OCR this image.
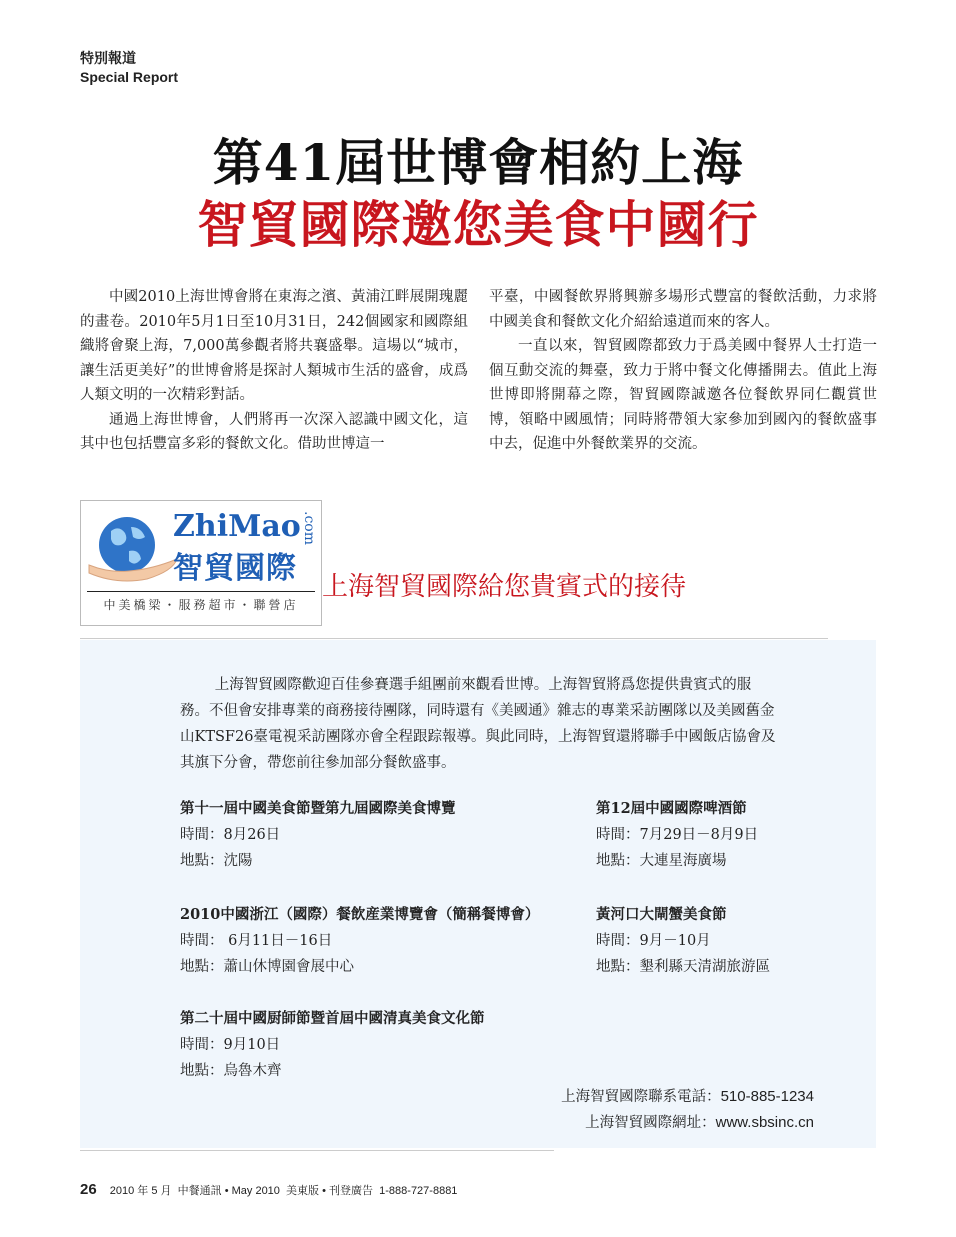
特別報道
Special Report
第41屆世博會相約上海
智貿國際邀您美食中國行

中國2010上海世博會將在東海之濱、黃浦江畔展開瑰麗的畫卷。2010年5月1日至10月31日，242個國家和國際組織將會聚上海，7,000萬參觀者將共襄盛舉。這場以“城市，讓生活更美好”的世博會將是探討人類城市生活的盛會，成爲人類文明的一次精彩對話。

通過上海世博會，人們將再一次深入認識中國文化，這其中也包括豐富多彩的餐飲文化。借助世博這一

平臺，中國餐飲界將興辦多場形式豐富的餐飲活動，力求將中國美食和餐飲文化介紹給遠道而來的客人。

一直以來，智貿國際都致力于爲美國中餐界人士打造一個互動交流的舞臺，致力于將中餐文化傳播開去。值此上海世博即將開幕之際，智貿國際誠邀各位餐飲界同仁觀賞世博，領略中國風情；同時將帶領大家參加到國內的餐飲盛事中去，促進中外餐飲業界的交流。

ZhiMao .com
智貿國際
中美橋梁・服務超市・聯營店
上海智貿國際給您貴賓式的接待

上海智貿國際歡迎百佳參賽選手組團前來觀看世博。上海智貿將爲您提供貴賓式的服務。不但會安排專業的商務接待團隊，同時還有《美國通》雜志的專業采訪團隊以及美國舊金山KTSF26臺電視采訪團隊亦會全程跟踪報導。與此同時，上海智貿還將聯手中國飯店協會及其旗下分會，帶您前往參加部分餐飲盛事。

第十一屆中國美食節暨第九屆國際美食博覽
時間：8月26日
地點：沈陽
第12屆中國國際啤酒節
時間：7月29日－8月9日
地點：大連星海廣場
2010中國浙江（國際）餐飲産業博覽會（簡稱餐博會）
時間： 6月11日－16日
地點：蕭山休博園會展中心
黃河口大閘蟹美食節
時間：9月－10月
地點：墾利縣天清湖旅游區
第二十屆中國厨師節暨首屆中國清真美食文化節
時間：9月10日
地點：烏魯木齊
上海智貿國際聯系電話：510-885-1234
上海智貿國際網址：www.sbsinc.cn
26 2010 年 5 月 中餐通訊 • May 2010 美東版 • 刊登廣告 1-888-727-8881
